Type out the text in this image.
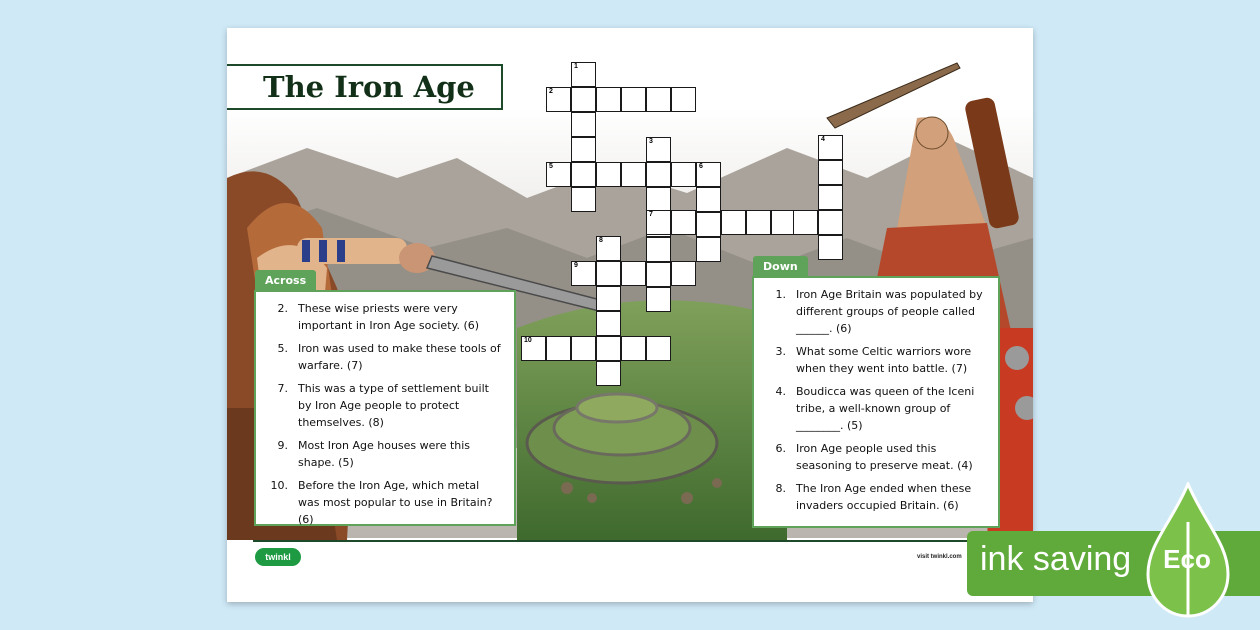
The Iron Age
1
2
5
3
6
4
7
9
8
10
Across
2. These wise priests were very important in Iron Age society. (6)
5. Iron was used to make these tools of warfare. (7)
7. This was a type of settlement built by Iron Age people to protect themselves. (8)
9. Most Iron Age houses were this shape. (5)
10. Before the Iron Age, which metal was most popular to use in Britain? (6)
Down
1. Iron Age Britain was populated by different groups of people called ______. (6)
3. What some Celtic warriors wore when they went into battle. (7)
4. Boudicca was queen of the Iceni tribe, a well-known group of ________. (5)
6. Iron Age people used this seasoning to preserve meat. (4)
8. The Iron Age ended when these invaders occupied Britain. (6)
twinkl	visit twinkl.com ink saving Eco
